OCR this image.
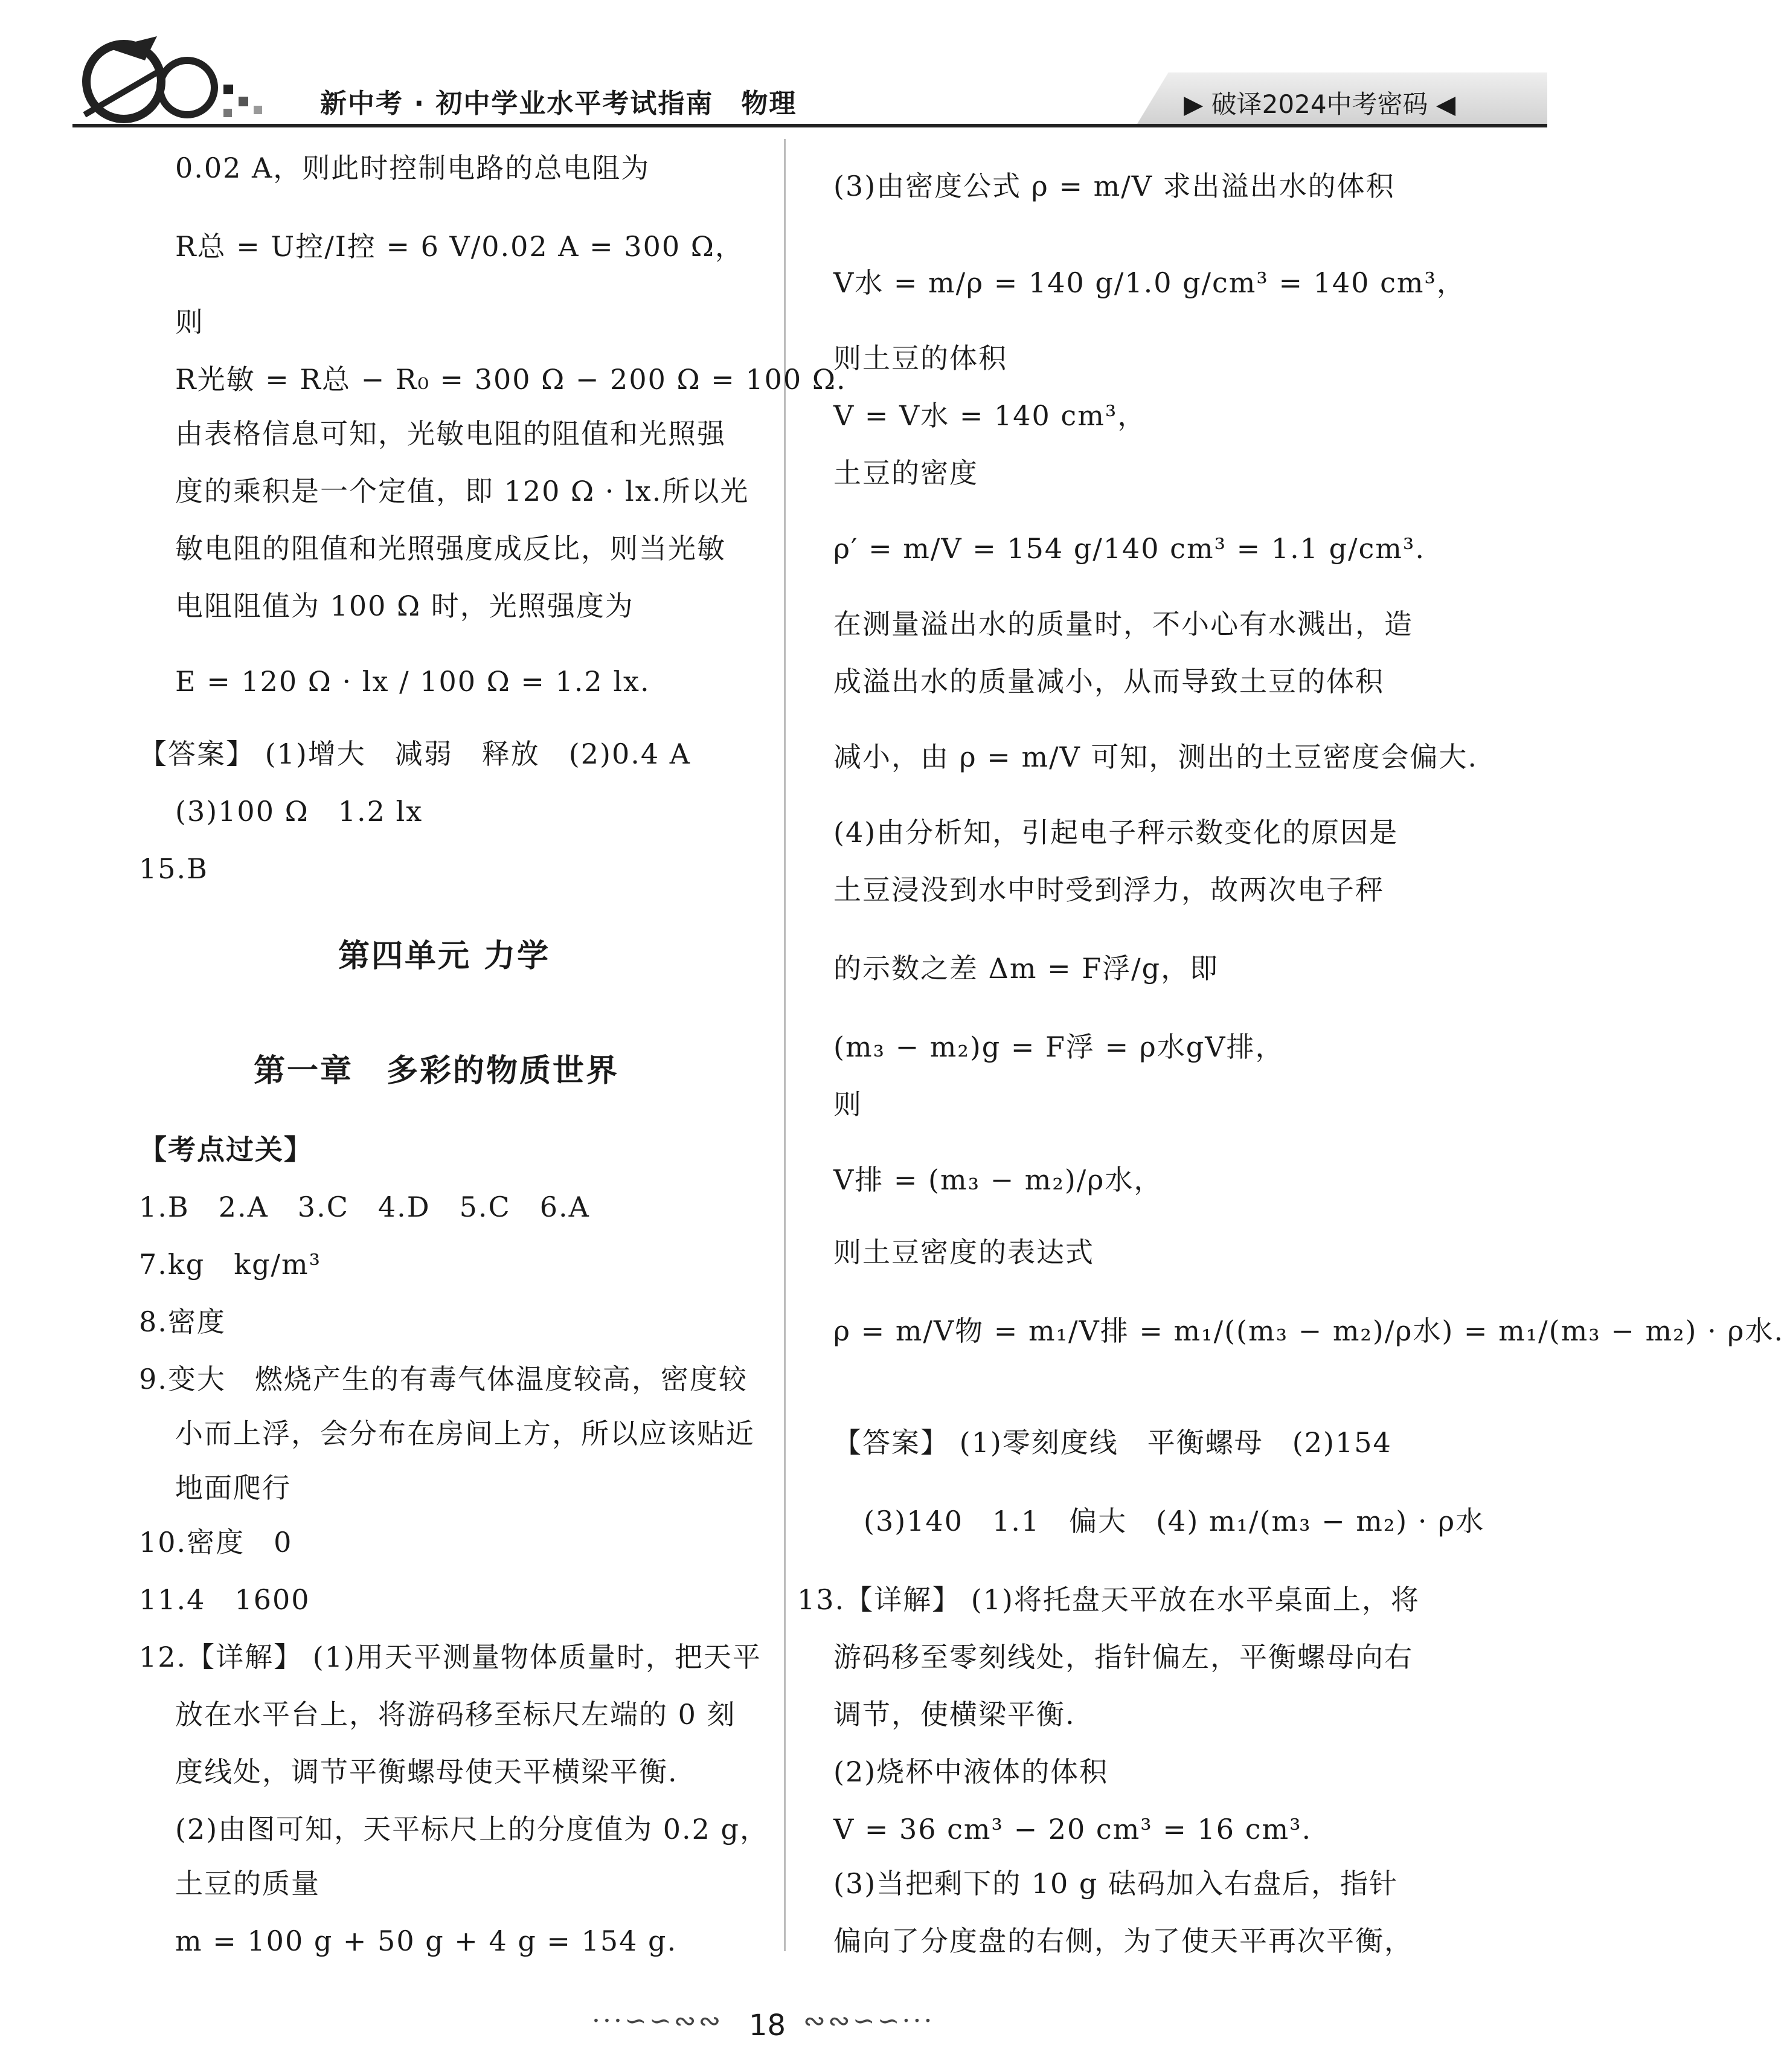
新中考 · 初中学业水平考试指南　物理	▶ 破译2024中考密码 ◀
0.02 A，则此时控制电路的总电阻为
R总 = U控/I控 = 6 V/0.02 A = 300 Ω，
则
R光敏 = R总 − R₀ = 300 Ω − 200 Ω = 100 Ω.
由表格信息可知，光敏电阻的阻值和光照强
度的乘积是一个定值，即 120 Ω · lx.所以光
敏电阻的阻值和光照强度成反比，则当光敏
电阻阻值为 100 Ω 时，光照强度为
E = 120 Ω · lx / 100 Ω = 1.2 lx.
【答案】 (1)增大　减弱　释放　(2)0.4 A
(3)100 Ω　1.2 lx
15.B
第四单元 力学
第一章　多彩的物质世界
【考点过关】
1.B　2.A　3.C　4.D　5.C　6.A
7.kg　kg/m³
8.密度
9.变大　燃烧产生的有毒气体温度较高，密度较
小而上浮，会分布在房间上方，所以应该贴近
地面爬行
10.密度　0
11.4　1600
12.【详解】 (1)用天平测量物体质量时，把天平
放在水平台上，将游码移至标尺左端的 0 刻
度线处，调节平衡螺母使天平横梁平衡.
(2)由图可知，天平标尺上的分度值为 0.2 g，
土豆的质量
m = 100 g + 50 g + 4 g = 154 g.
(3)由密度公式 ρ = m/V 求出溢出水的体积
V水 = m/ρ = 140 g/1.0 g/cm³ = 140 cm³，
则土豆的体积
V = V水 = 140 cm³，
土豆的密度
ρ′ = m/V = 154 g/140 cm³ = 1.1 g/cm³.
在测量溢出水的质量时，不小心有水溅出，造
成溢出水的质量减小，从而导致土豆的体积
减小，由 ρ = m/V 可知，测出的土豆密度会偏大.
(4)由分析知，引起电子秤示数变化的原因是
土豆浸没到水中时受到浮力，故两次电子秤
的示数之差 Δm = F浮/g，即
(m₃ − m₂)g = F浮 = ρ水gV排，
则
V排 = (m₃ − m₂)/ρ水，
则土豆密度的表达式
ρ = m/V物 = m₁/V排 = m₁/((m₃ − m₂)/ρ水) = m₁/(m₃ − m₂) · ρ水.
【答案】 (1)零刻度线　平衡螺母　(2)154
(3)140　1.1　偏大　(4) m₁/(m₃ − m₂) · ρ水
13.【详解】 (1)将托盘天平放在水平桌面上，将
游码移至零刻线处，指针偏左，平衡螺母向右
调节，使横梁平衡.
(2)烧杯中液体的体积
V = 36 cm³ − 20 cm³ = 16 cm³.
(3)当把剩下的 10 g 砝码加入右盘后，指针
偏向了分度盘的右侧，为了使天平再次平衡，
···∽∽∾∾ 18 ∾∾∽∽···
